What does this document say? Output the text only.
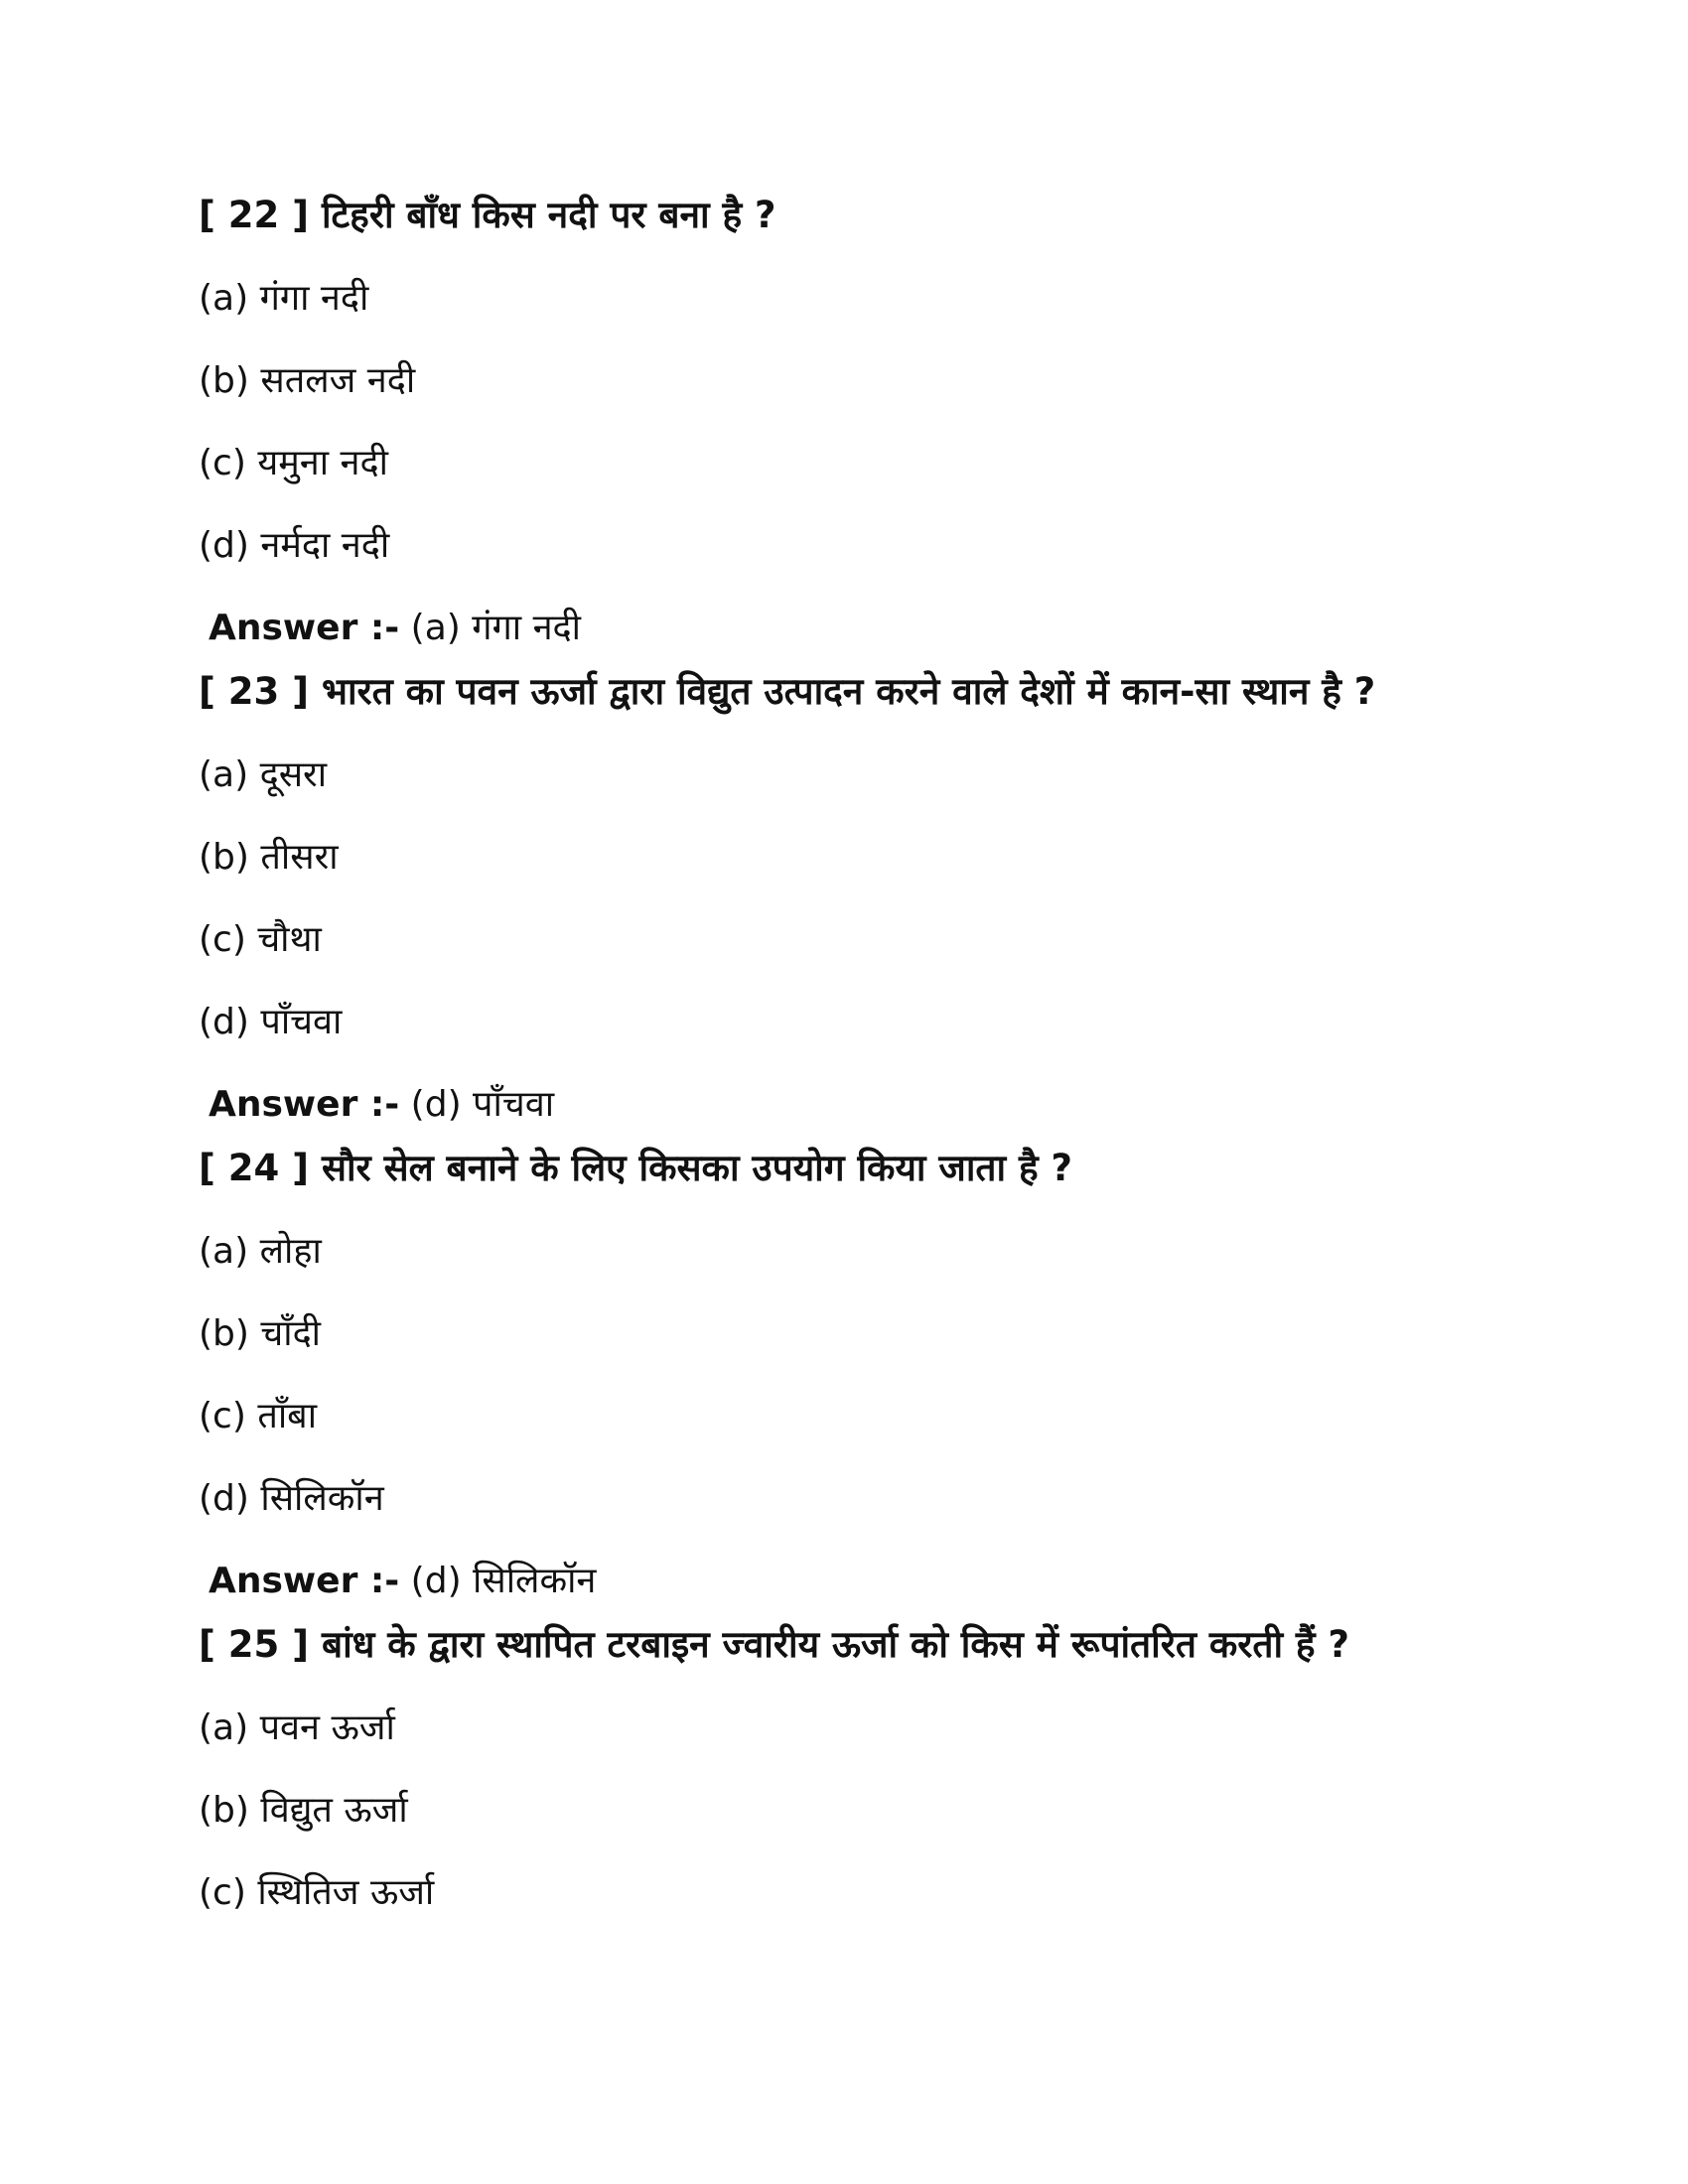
[ 22 ] टिहरी बाँध किस नदी पर बना है ?
(a) गंगा नदी
(b) सतलज नदी
(c) यमुना नदी
(d) नर्मदा नदी
Answer :- (a) गंगा नदी
[ 23 ] भारत का पवन ऊर्जा द्वारा विद्युत उत्पादन करने वाले देशों में कान-सा स्थान है ?
(a) दूसरा
(b) तीसरा
(c) चौथा
(d) पाँचवा
Answer :- (d) पाँचवा
[ 24 ] सौर सेल बनाने के लिए किसका उपयोग किया जाता है ?
(a) लोहा
(b) चाँदी
(c) ताँबा
(d) सिलिकॉन
Answer :- (d) सिलिकॉन
[ 25 ] बांध के द्वारा स्थापित टरबाइन ज्वारीय ऊर्जा को किस में रूपांतरित करती हैं ?
(a) पवन ऊर्जा
(b) विद्युत ऊर्जा
(c) स्थितिज ऊर्जा
